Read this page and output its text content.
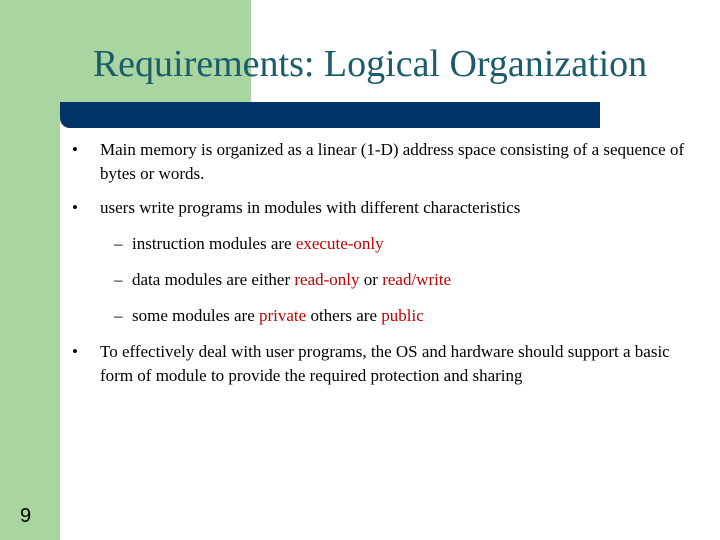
Requirements: Logical Organization
•	Main memory is organized as a linear (1-D) address space consisting of a sequence of bytes or words.
•	users write programs in modules with different characteristics
– instruction modules are execute-only
– data modules are either read-only or read/write
– some modules are private others are public
•	To effectively deal with user programs, the OS and hardware should support a basic form of module to provide the required protection and sharing
9
